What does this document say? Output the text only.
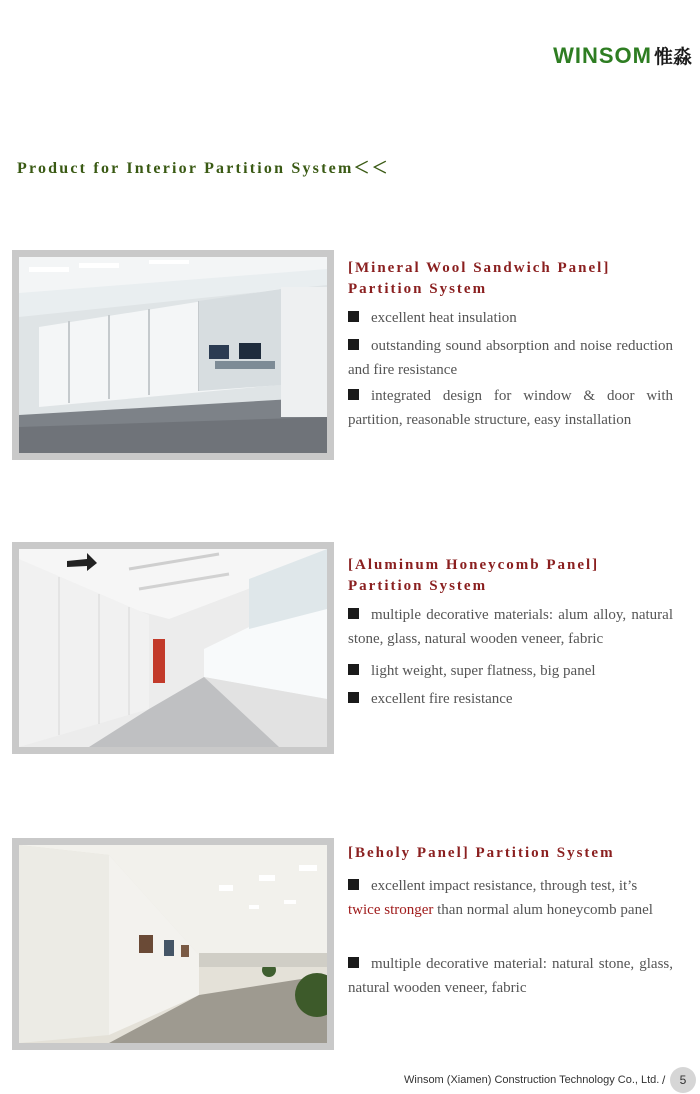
WINSOM 惟淼
Product for Interior Partition System＜＜
[Mineral Wool Sandwich Panel]
Partition System

excellent heat insulation

outstanding sound absorption and noise reduction and fire resistance

integrated design for window & door with partition, reasonable structure, easy installation

[Aluminum Honeycomb Panel]
Partition System

multiple decorative materials: alum alloy, natural stone, glass, natural wooden veneer, fabric

light weight, super flatness, big panel

excellent fire resistance

[Beholy Panel] Partition System

excellent impact resistance, through test, it’s
twice stronger than normal alum honeycomb panel

multiple decorative material: natural stone, glass, natural wooden veneer, fabric

Winsom (Xiamen) Construction Technology Co., Ltd. /	5
